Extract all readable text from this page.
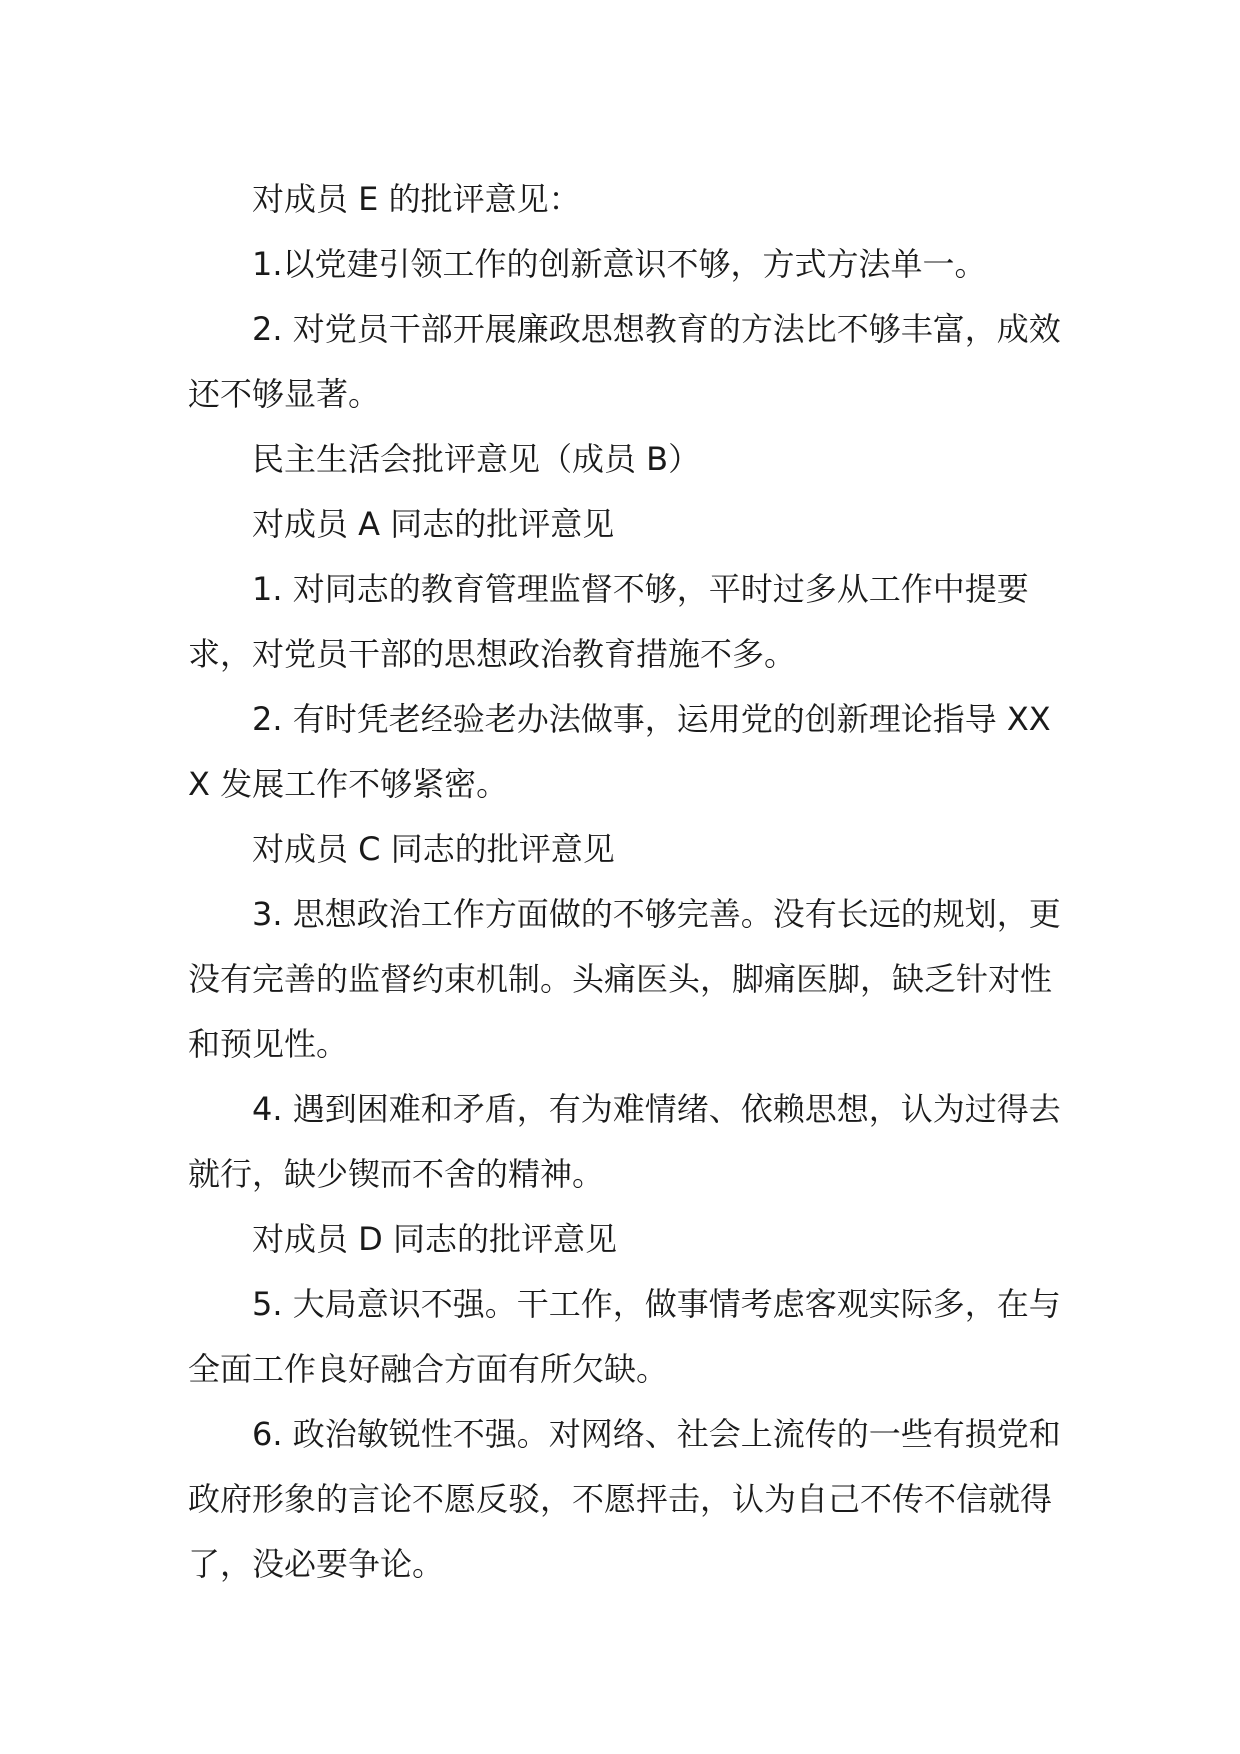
对成员 E 的批评意见：

1.以党建引领工作的创新意识不够，方式方法单一。

2. 对党员干部开展廉政思想教育的方法比不够丰富，成效还不够显著。

民主生活会批评意见（成员 B）

对成员 A 同志的批评意见

1. 对同志的教育管理监督不够，平时过多从工作中提要求，对党员干部的思想政治教育措施不多。

2. 有时凭老经验老办法做事，运用党的创新理论指导 XXX 发展工作不够紧密。

对成员 C 同志的批评意见

3. 思想政治工作方面做的不够完善。没有长远的规划，更没有完善的监督约束机制。头痛医头，脚痛医脚，缺乏针对性和预见性。

4. 遇到困难和矛盾，有为难情绪、依赖思想，认为过得去就行，缺少锲而不舍的精神。

对成员 D 同志的批评意见

5. 大局意识不强。干工作，做事情考虑客观实际多，在与全面工作良好融合方面有所欠缺。

6. 政治敏锐性不强。对网络、社会上流传的一些有损党和政府形象的言论不愿反驳，不愿抨击，认为自己不传不信就得了，没必要争论。
